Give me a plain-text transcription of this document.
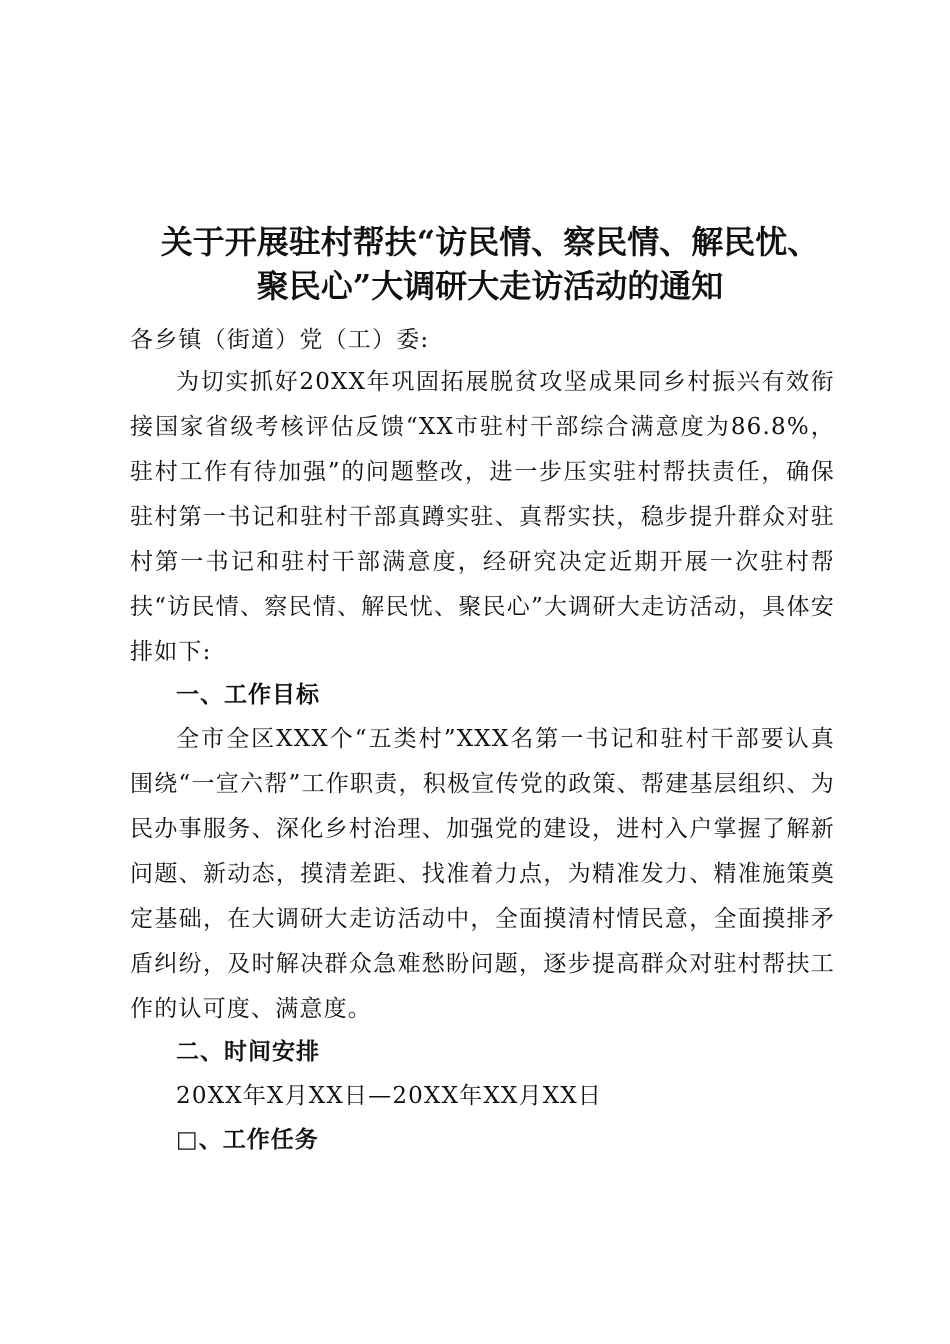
关于开展驻村帮扶“访民情、察民情、解民忧、
聚民心”大调研大走访活动的通知
各乡镇（街道）党（工）委:
为切实抓好20XX年巩固拓展脱贫攻坚成果同乡村振兴有效衔接国家省级考核评估反馈“XX市驻村干部综合满意度为86.8%，驻村工作有待加强”的问题整改，进一步压实驻村帮扶责任，确保驻村第一书记和驻村干部真蹲实驻、真帮实扶，稳步提升群众对驻村第一书记和驻村干部满意度，经研究决定近期开展一次驻村帮扶“访民情、察民情、解民忧、聚民心”大调研大走访活动，具体安排如下:
一、工作目标
全市全区XXX个“五类村”XXX名第一书记和驻村干部要认真围绕“一宣六帮”工作职责，积极宣传党的政策、帮建基层组织、为民办事服务、深化乡村治理、加强党的建设，进村入户掌握了解新问题、新动态，摸清差距、找准着力点，为精准发力、精准施策奠定基础，在大调研大走访活动中，全面摸清村情民意，全面摸排矛盾纠纷，及时解决群众急难愁盼问题，逐步提高群众对驻村帮扶工作的认可度、满意度。
二、时间安排
20XX年X月XX日—20XX年XX月XX日
□、工作任务
